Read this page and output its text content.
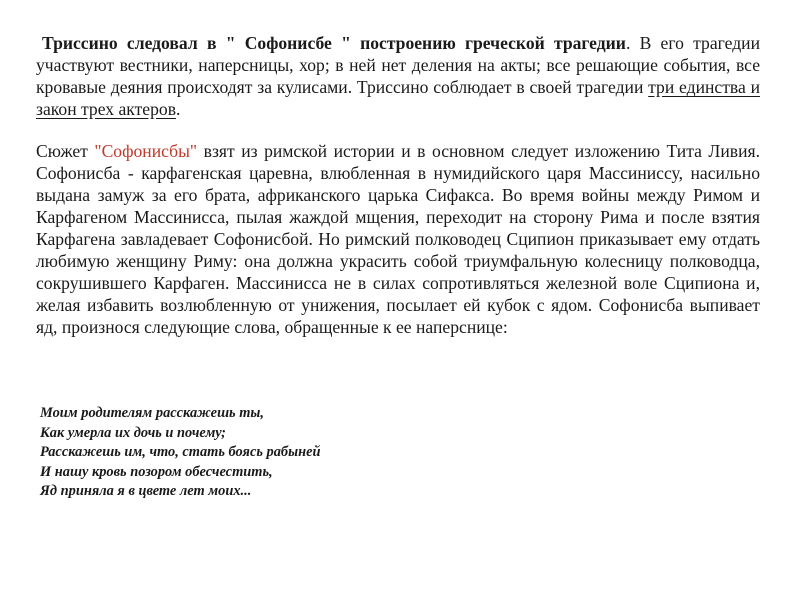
Триссино следовал в " Софонисбе " построению греческой трагедии. В его трагедии участвуют вестники, наперсницы, хор; в ней нет деления на акты; все решающие события, все кровавые деяния происходят за кулисами. Триссино соблюдает в своей трагедии три единства и закон трех актеров.

Сюжет "Софонисбы" взят из римской истории и в основном следует изложению Тита Ливия. Софонисба - карфагенская царевна, влюбленная в нумидийского царя Массиниссу, насильно выдана замуж за его брата, африканского царька Сифакса. Во время войны между Римом и Карфагеном Массинисса, пылая жаждой мщения, переходит на сторону Рима и после взятия Карфагена завладевает Софонисбой. Но римский полководец Сципион приказывает ему отдать любимую женщину Риму: она должна украсить собой триумфальную колесницу полководца, сокрушившего Карфаген. Массинисса не в силах сопротивляться железной воле Сципиона и, желая избавить возлюбленную от унижения, посылает ей кубок с ядом. Софонисба выпивает яд, произнося следующие слова, обращенные к ее наперснице:

Моим родителям расскажешь ты,
Как умерла их дочь и почему;
Расскажешь им, что, стать боясь рабыней
И нашу кровь позором обесчестить,
Яд приняла я в цвете лет моих...
